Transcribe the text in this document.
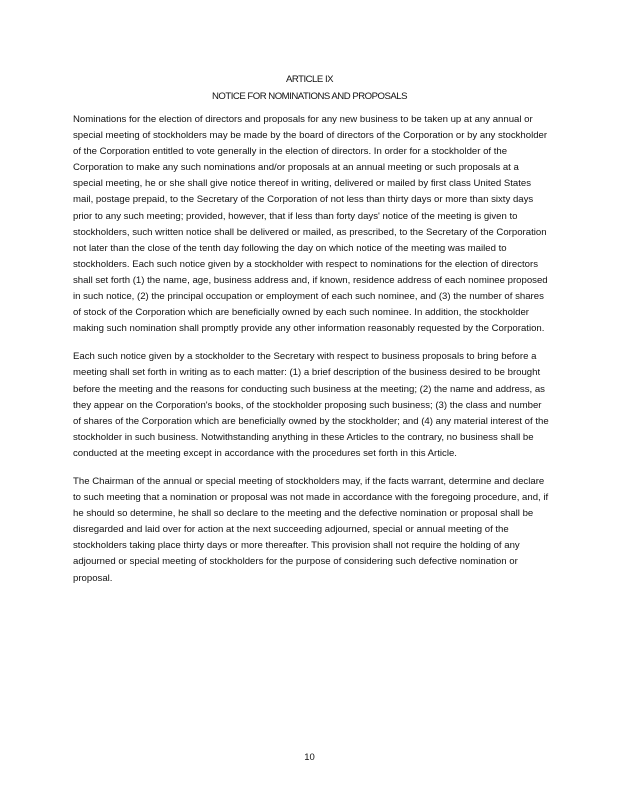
ARTICLE IX
NOTICE FOR NOMINATIONS AND PROPOSALS

Nominations for the election of directors and proposals for any new business to be taken up at any annual or special meeting of stockholders may be made by the board of directors of the Corporation or by any stockholder of the Corporation entitled to vote generally in the election of directors. In order for a stockholder of the Corporation to make any such nominations and/or proposals at an annual meeting or such proposals at a special meeting, he or she shall give notice thereof in writing, delivered or mailed by first class United States mail, postage prepaid, to the Secretary of the Corporation of not less than thirty days or more than sixty days prior to any such meeting; provided, however, that if less than forty days' notice of the meeting is given to stockholders, such written notice shall be delivered or mailed, as prescribed, to the Secretary of the Corporation not later than the close of the tenth day following the day on which notice of the meeting was mailed to stockholders. Each such notice given by a stockholder with respect to nominations for the election of directors shall set forth (1) the name, age, business address and, if known, residence address of each nominee proposed in such notice, (2) the principal occupation or employment of each such nominee, and (3) the number of shares of stock of the Corporation which are beneficially owned by each such nominee. In addition, the stockholder making such nomination shall promptly provide any other information reasonably requested by the Corporation.

Each such notice given by a stockholder to the Secretary with respect to business proposals to bring before a meeting shall set forth in writing as to each matter: (1) a brief description of the business desired to be brought before the meeting and the reasons for conducting such business at the meeting; (2) the name and address, as they appear on the Corporation's books, of the stockholder proposing such business; (3) the class and number of shares of the Corporation which are beneficially owned by the stockholder; and (4) any material interest of the stockholder in such business. Notwithstanding anything in these Articles to the contrary, no business shall be conducted at the meeting except in accordance with the procedures set forth in this Article.

The Chairman of the annual or special meeting of stockholders may, if the facts warrant, determine and declare to such meeting that a nomination or proposal was not made in accordance with the foregoing procedure, and, if he should so determine, he shall so declare to the meeting and the defective nomination or proposal shall be disregarded and laid over for action at the next succeeding adjourned, special or annual meeting of the stockholders taking place thirty days or more thereafter. This provision shall not require the holding of any adjourned or special meeting of stockholders for the purpose of considering such defective nomination or proposal.

10
